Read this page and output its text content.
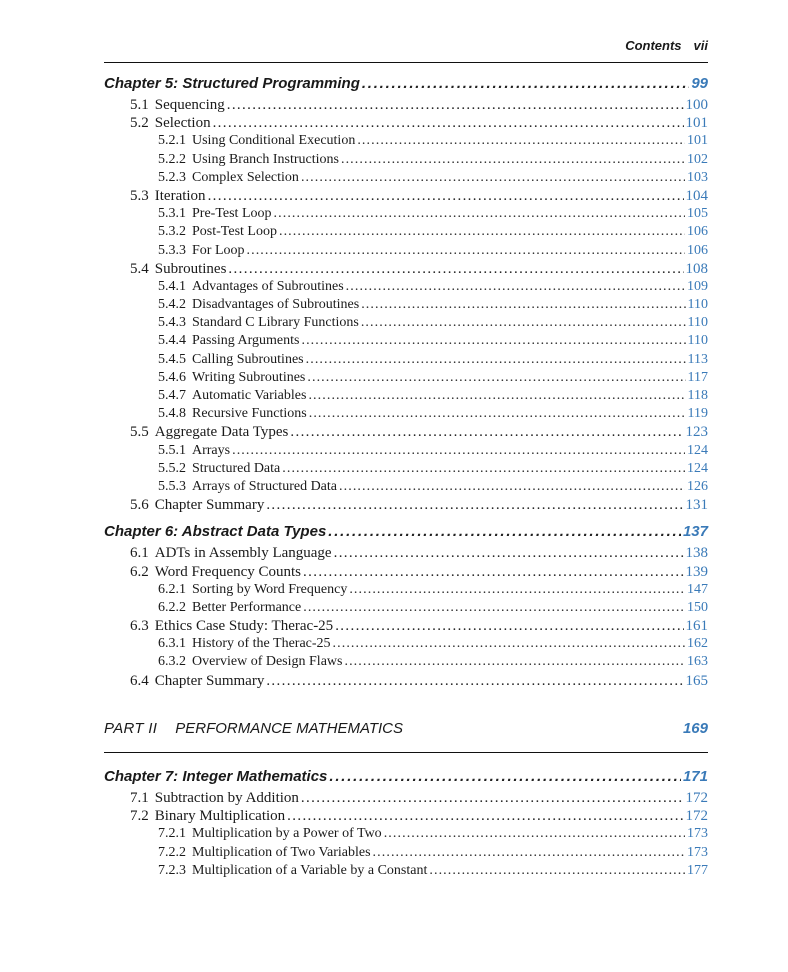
Contents vii
Chapter 5: Structured Programming . . .	99
5.1 Sequencing . . .	100
5.2 Selection . . .	101
5.2.1 Using Conditional Execution . . .	101
5.2.2 Using Branch Instructions . . .	102
5.2.3 Complex Selection . . .	103
5.3 Iteration . . .	104
5.3.1 Pre-Test Loop . . .	105
5.3.2 Post-Test Loop . . .	106
5.3.3 For Loop . . .	106
5.4 Subroutines . . .	108
5.4.1 Advantages of Subroutines . . .	109
5.4.2 Disadvantages of Subroutines . . .	110
5.4.3 Standard C Library Functions . . .	110
5.4.4 Passing Arguments . . .	110
5.4.5 Calling Subroutines . . .	113
5.4.6 Writing Subroutines . . .	117
5.4.7 Automatic Variables . . .	118
5.4.8 Recursive Functions . . .	119
5.5 Aggregate Data Types . . .	123
5.5.1 Arrays . . .	124
5.5.2 Structured Data . . .	124
5.5.3 Arrays of Structured Data . . .	126
5.6 Chapter Summary . . .	131
Chapter 6: Abstract Data Types . . .	137
6.1 ADTs in Assembly Language . . .	138
6.2 Word Frequency Counts . . .	139
6.2.1 Sorting by Word Frequency . . .	147
6.2.2 Better Performance . . .	150
6.3 Ethics Case Study: Therac-25 . . .	161
6.3.1 History of the Therac-25 . . .	162
6.3.2 Overview of Design Flaws . . .	163
6.4 Chapter Summary . . .	165
PART II PERFORMANCE MATHEMATICS	169
Chapter 7: Integer Mathematics . . .	171
7.1 Subtraction by Addition . . .	172
7.2 Binary Multiplication . . .	172
7.2.1 Multiplication by a Power of Two . . .	173
7.2.2 Multiplication of Two Variables . . .	173
7.2.3 Multiplication of a Variable by a Constant . . .	177
